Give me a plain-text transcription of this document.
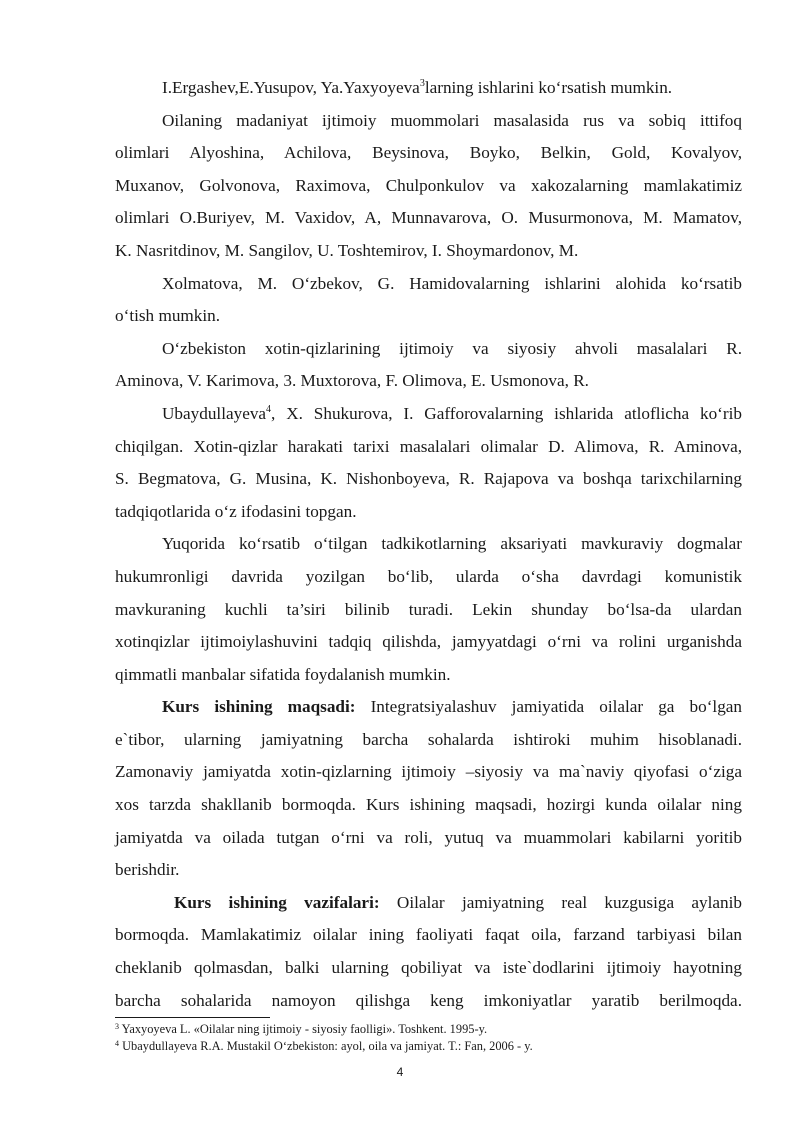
I.Ergashev,E.Yusupov, Ya.Yaxyoyeva$^3$larning ishlarini ko‘rsatish mumkin.

Oilaning madaniyat ijtimoiy muommolari masalasida rus va sobiq ittifoq

olimlari Alyoshina, Achilova, Beysinova, Boyko, Belkin, Gold, Kovalyov,

Muxanov, Golvonova, Raximova, Chulponkulov va xakozalarning mamlakatimiz

olimlari O.Buriyev, M. Vaxidov, A, Munnavarova, O. Musurmonova, M. Mamatov,

K. Nasritdinov, M. Sangilov, U. Toshtemirov, I. Shoymardonov, M.

Xolmatova, M. O‘zbekov, G. Hamidovalarning ishlarini alohida ko‘rsatib

o‘tish mumkin.

O‘zbekiston xotin-qizlarining ijtimoiy va siyosiy ahvoli masalalari R.

Aminova, V. Karimova, 3. Muxtorova, F. Olimova, E. Usmonova, R.

Ubaydullayeva$^4$, X. Shukurova, I. Gafforovalarning ishlarida atloflicha ko‘rib

chiqilgan. Xotin-qizlar harakati tarixi masalalari olimalar D. Alimova, R. Aminova,

S. Begmatova, G. Musina, K. Nishonboyeva, R. Rajapova va boshqa tarixchilarning

tadqiqotlarida o‘z ifodasini topgan.

Yuqorida ko‘rsatib o‘tilgan tadkikotlarning aksariyati mavkuraviy dogmalar

hukumronligi davrida yozilgan bo‘lib, ularda o‘sha davrdagi komunistik

mavkuraning kuchli ta’siri bilinib turadi. Lekin shunday bo‘lsa-da ulardan

xotinqizlar ijtimoiylashuvini tadqiq qilishda, jamyyatdagi o‘rni va rolini urganishda

qimmatli manbalar sifatida foydalanish mumkin.

Kurs ishining maqsadi: Integratsiyalashuv jamiyatida oilalar ga bo‘lgan

e`tibor, ularning jamiyatning barcha sohalarda ishtiroki muhim hisoblanadi.

Zamonaviy jamiyatda xotin-qizlarning ijtimoiy –siyosiy va ma`naviy qiyofasi o‘ziga

xos tarzda shakllanib bormoqda. Kurs ishining maqsadi, hozirgi kunda oilalar ning

jamiyatda va oilada tutgan o‘rni va roli, yutuq va muammolari kabilarni yoritib

berishdir.

Kurs ishining vazifalari: Oilalar jamiyatning real kuzgusiga aylanib

bormoqda. Mamlakatimiz oilalar ining faoliyati faqat oila, farzand tarbiyasi bilan

cheklanib qolmasdan, balki ularning qobiliyat va iste`dodlarini ijtimoiy hayotning

barcha sohalarida namoyon qilishga keng imkoniyatlar yaratib berilmoqda.

$^3$ Yaxyoyeva L. «Oilalar ning ijtimoiy - siyosiy faolligi». Toshkent. 1995-y.

$^4$ Ubaydullayeva R.A. Mustakil O‘zbekiston: ayol, oila va jamiyat. T.: Fan, 2006 - y.

4
